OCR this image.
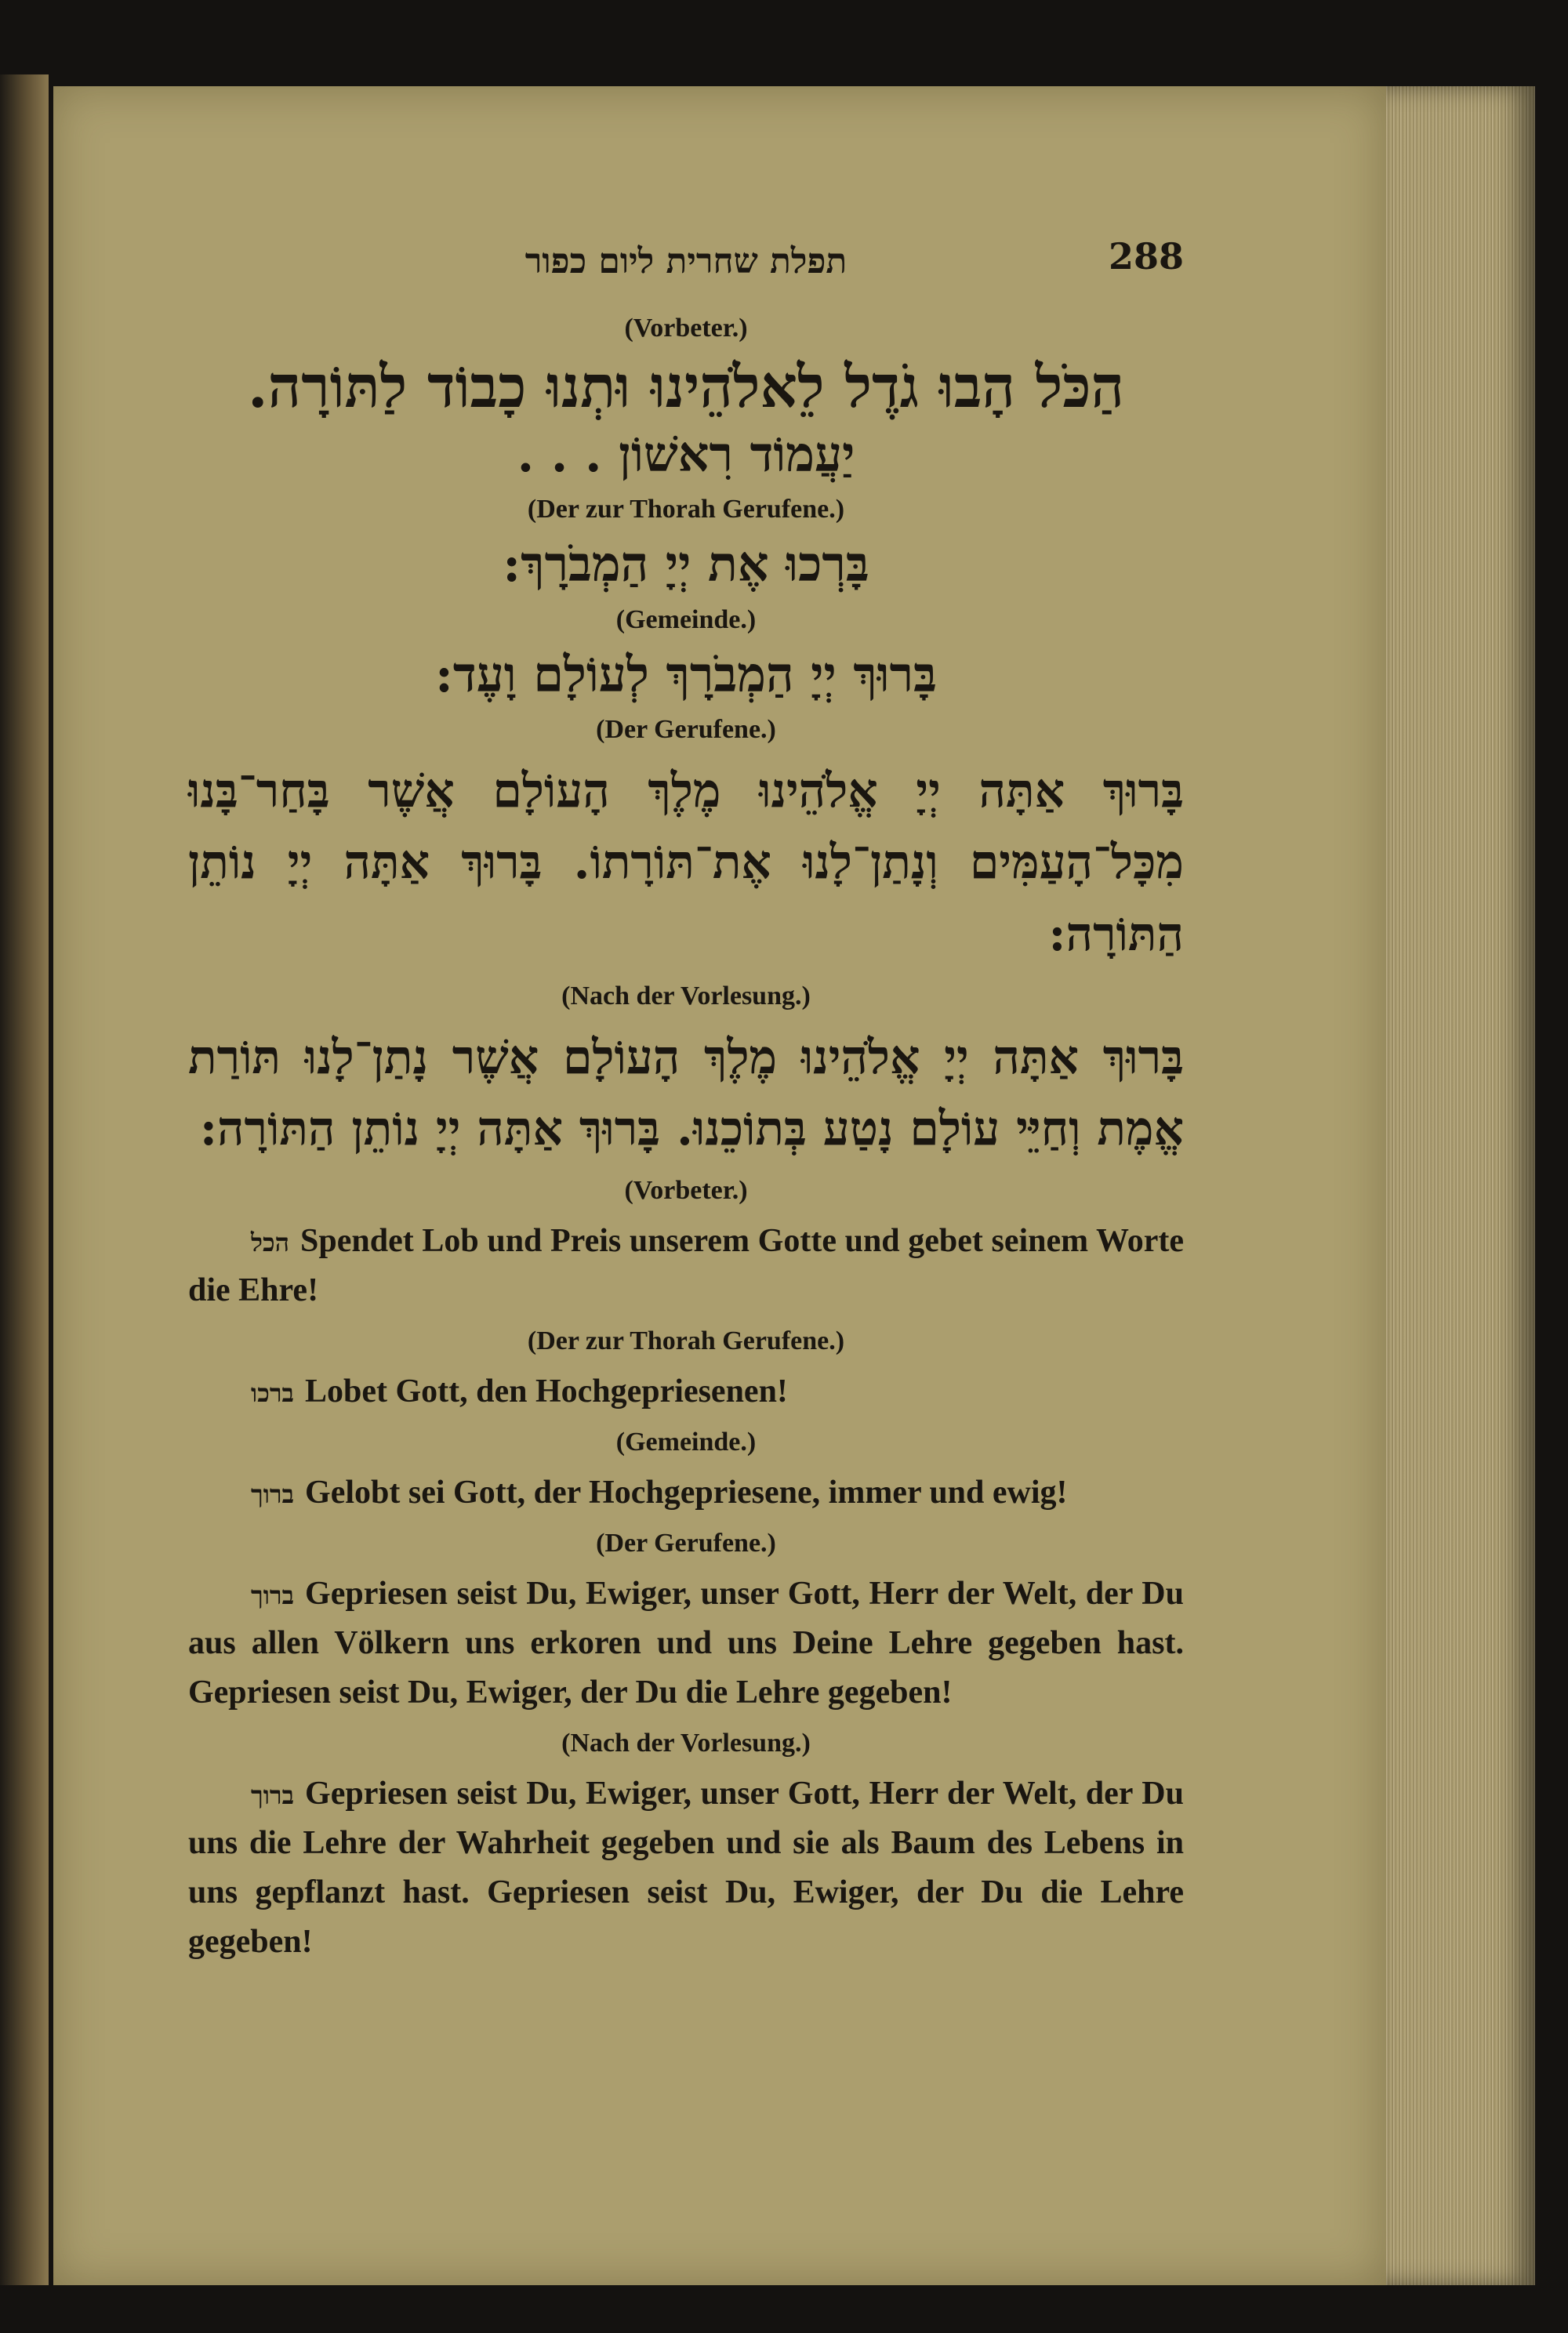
תפלת שחרית ליום כפור	288
(Vorbeter.)

הַכֹּל הָבוּ גֹדֶל לֵאלֹהֵינוּ וּתְנוּ כָבוֹד לַתּוֹרָה.

יַעֲמוֹד רִאשׁוֹן . . .

(Der zur Thorah Gerufene.)

בָּרְכוּ אֶת יְיָ הַמְבֹרָךְ:

(Gemeinde.)

בָּרוּךְ יְיָ הַמְבֹרָךְ לְעוֹלָם וָעֶד:

(Der Gerufene.)

בָּרוּךְ אַתָּה יְיָ אֱלֹהֵינוּ מֶלֶךְ הָעוֹלָם אֲשֶׁר בָּחַר־בָּנוּ מִכָּל־הָעַמִּים וְנָתַן־לָנוּ אֶת־תּוֹרָתוֹ. בָּרוּךְ אַתָּה יְיָ נוֹתֵן הַתּוֹרָה:

(Nach der Vorlesung.)

בָּרוּךְ אַתָּה יְיָ אֱלֹהֵינוּ מֶלֶךְ הָעוֹלָם אֲשֶׁר נָתַן־לָנוּ תּוֹרַת אֱמֶת וְחַיֵּי עוֹלָם נָטַע בְּתוֹכֵנוּ. בָּרוּךְ אַתָּה יְיָ נוֹתֵן הַתּוֹרָה:

(Vorbeter.)

הכל Spendet Lob und Preis unserem Gotte und gebet seinem Worte die Ehre!

(Der zur Thorah Gerufene.)

ברכו Lobet Gott, den Hochgepriesenen!

(Gemeinde.)

ברוך Gelobt sei Gott, der Hochgepriesene, immer und ewig!

(Der Gerufene.)

ברוך Gepriesen seist Du, Ewiger, unser Gott, Herr der Welt, der Du aus allen Völkern uns erkoren und uns Deine Lehre gegeben hast. Gepriesen seist Du, Ewiger, der Du die Lehre gegeben!

(Nach der Vorlesung.)

ברוך Gepriesen seist Du, Ewiger, unser Gott, Herr der Welt, der Du uns die Lehre der Wahrheit gegeben und sie als Baum des Lebens in uns gepflanzt hast. Gepriesen seist Du, Ewiger, der Du die Lehre gegeben!
